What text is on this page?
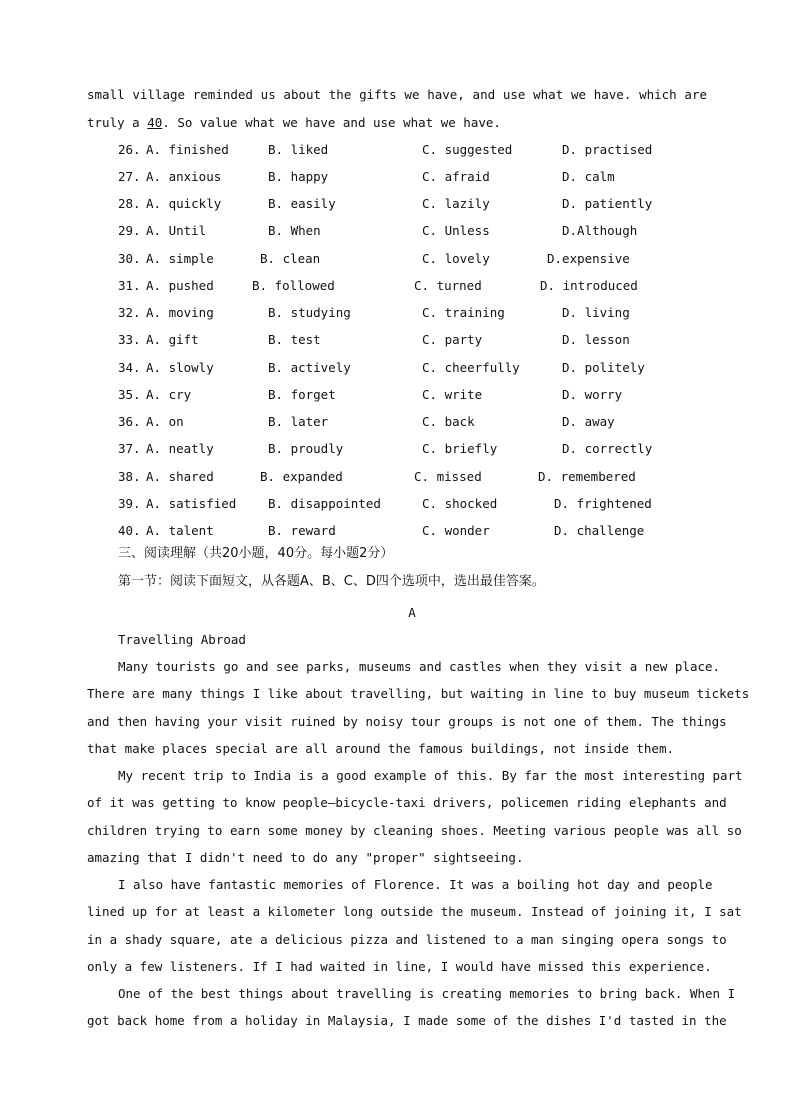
small village reminded us about the gifts we have, and use what we have. which are
truly a 40. So value what we have and use what we have.
26. A. finished	B. liked	C. suggested	D. practised
27. A. anxious	B. happy	C. afraid	D. calm
28. A. quickly	B. easily	C. lazily	D. patiently
29. A. Until	B. When	C. Unless	D.Although
30. A. simple	B. clean	C. lovely	D.expensive
31. A. pushed	B. followed	C. turned	D. introduced
32. A. moving	B. studying	C. training	D. living
33. A. gift	B. test	C. party	D. lesson
34. A. slowly	B. actively	C. cheerfully	D. politely
35. A. cry	B. forget	C. write	D. worry
36. A. on	B. later	C. back	D. away
37. A. neatly	B. proudly	C. briefly	D. correctly
38. A. shared	B. expanded	C. missed	D. remembered
39. A. satisfied	B. disappointed	C. shocked	D. frightened
40. A. talent	B. reward	C. wonder	D. challenge
三、阅读理解（共20小题，40分。每小题2分）
第一节：阅读下面短文，从各题A、B、C、D四个选项中，选出最佳答案。
A
Travelling Abroad
Many tourists go and see parks, museums and castles when they visit a new place.
There are many things I like about travelling, but waiting in line to buy museum tickets
and then having your visit ruined by noisy tour groups is not one of them. The things
that make places special are all around the famous buildings, not inside them.
My recent trip to India is a good example of this. By far the most interesting part
of it was getting to know people—bicycle-taxi drivers, policemen riding elephants and
children trying to earn some money by cleaning shoes. Meeting various people was all so
amazing that I didn't need to do any "proper" sightseeing.
I also have fantastic memories of Florence. It was a boiling hot day and people
lined up for at least a kilometer long outside the museum. Instead of joining it, I sat
in a shady square, ate a delicious pizza and listened to a man singing opera songs to
only a few listeners. If I had waited in line, I would have missed this experience.
One of the best things about travelling is creating memories to bring back. When I
got back home from a holiday in Malaysia, I made some of the dishes I'd tasted in the
